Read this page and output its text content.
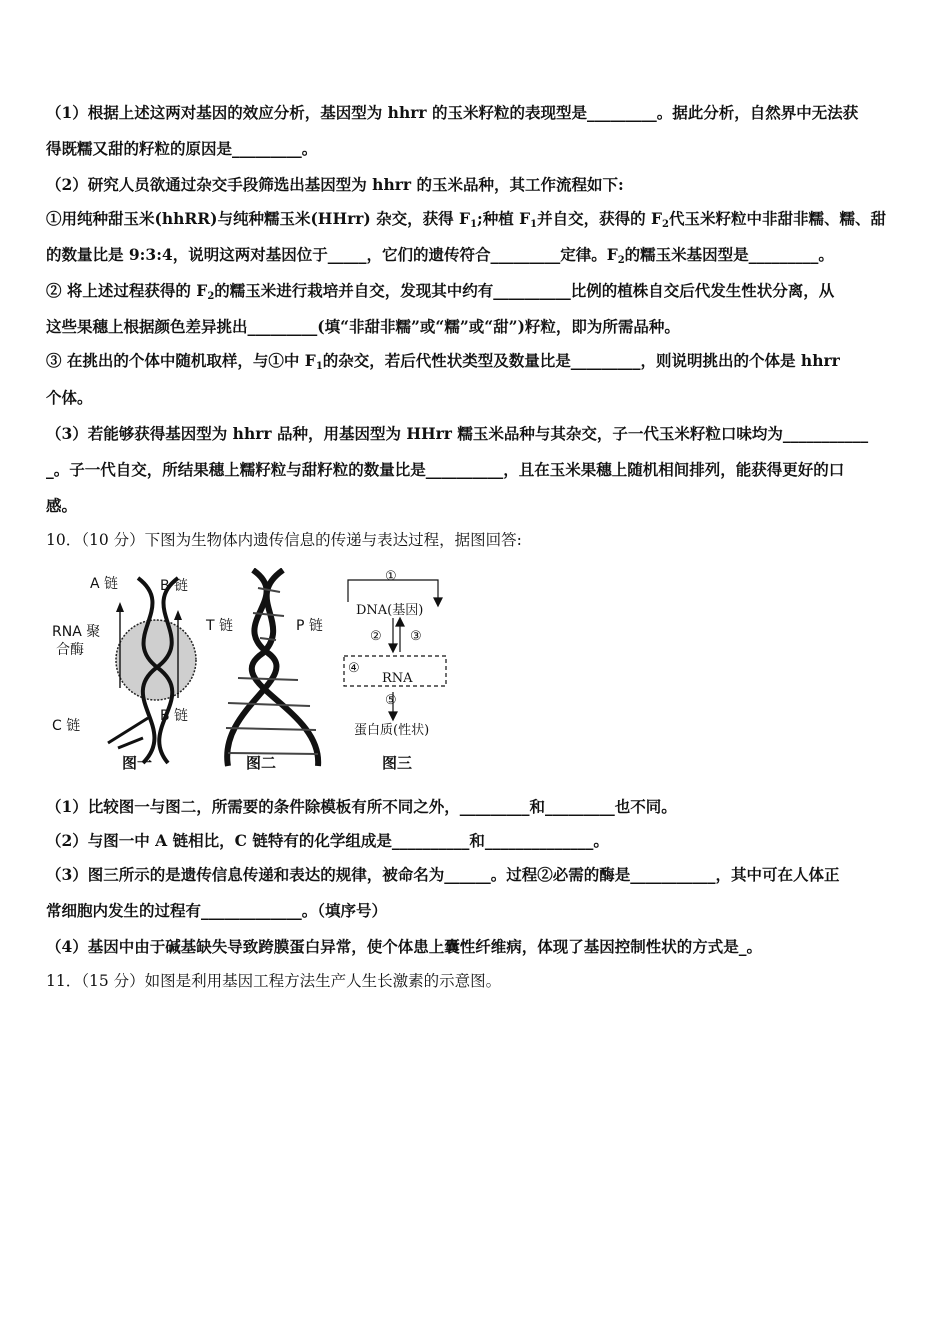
（1）根据上述这两对基因的效应分析，基因型为 hhrr 的玉米籽粒的表现型是_________。据此分析，自然界中无法获
得既糯又甜的籽粒的原因是_________。
（2）研究人员欲通过杂交手段筛选出基因型为 hhrr 的玉米品种，其工作流程如下:
①用纯种甜玉米(hhRR)与纯种糯玉米(HHrr) 杂交，获得 $F_1$;种植 $F_1$并自交，获得的 $F_2$代玉米籽粒中非甜非糯、糯、甜
的数量比是 9:3:4，说明这两对基因位于_____，它们的遗传符合_________定律。$F_2$的糯玉米基因型是_________。
② 将上述过程获得的 $F_2$的糯玉米进行栽培并自交，发现其中约有__________比例的植株自交后代发生性状分离，从
这些果穗上根据颜色差异挑出_________(填“非甜非糯”或“糯”或“甜”)籽粒，即为所需品种。
③ 在挑出的个体中随机取样，与①中 $F_1$的杂交，若后代性状类型及数量比是_________，则说明挑出的个体是 hhrr
个体。
（3）若能够获得基因型为 hhrr 品种，用基因型为 HHrr 糯玉米品种与其杂交，子一代玉米籽粒口味均为___________
_。子一代自交，所结果穗上糯籽粒与甜籽粒的数量比是__________，且在玉米果穗上随机相间排列，能获得更好的口
感。
10．（10 分）下图为生物体内遗传信息的传递与表达过程，据图回答:
A 链	B 链
RNA 聚
合酶
C 链
B 链
T 链	P 链
①
DNA(基因)
② ③
④
RNA
⑤
蛋白质(性状)
图一	图二	图三
（1）比较图一与图二，所需要的条件除模板有所不同之外，_________和_________也不同。
（2）与图一中 A 链相比，C 链特有的化学组成是__________和______________。
（3）图三所示的是遗传信息传递和表达的规律，被命名为______。过程②必需的酶是___________，其中可在人体正
常细胞内发生的过程有_____________。（填序号）
（4）基因中由于碱基缺失导致跨膜蛋白异常，使个体患上囊性纤维病，体现了基因控制性状的方式是_。
11．（15 分）如图是利用基因工程方法生产人生长激素的示意图。
